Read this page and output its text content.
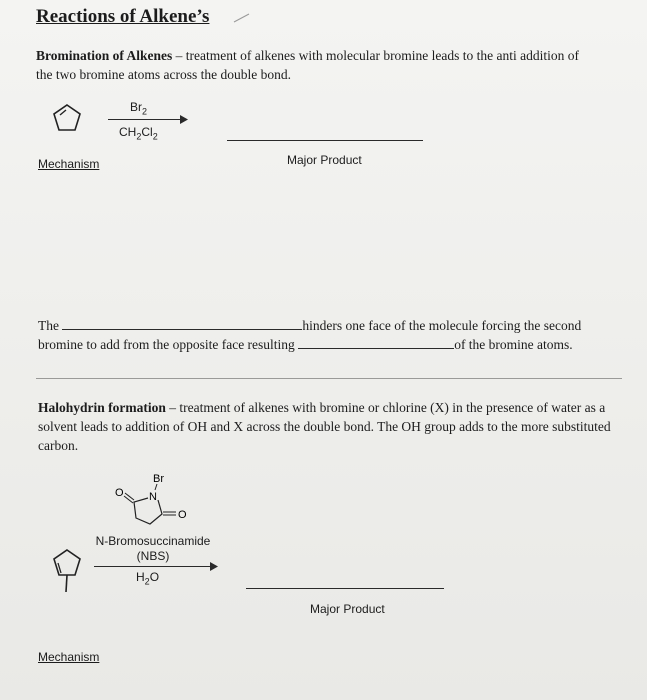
Reactions of Alkene’s
Bromination of Alkenes – treatment of alkenes with molecular bromine leads to the anti addition of the two bromine atoms across the double bond.
$Br_2$
$CH_2Cl_2$
Major Product
Mechanism
The	hinders one face of the molecule forcing the second
bromine to add from the opposite face resulting	of the bromine atoms.
Halohydrin formation – treatment of alkenes with bromine or chlorine (X) in the presence of water as a solvent leads to addition of OH and X across the double bond. The OH group adds to the more substituted carbon.
Br
N
O
O
N-Bromosuccinamide
(NBS)
$H_2O$
Major Product
Mechanism
